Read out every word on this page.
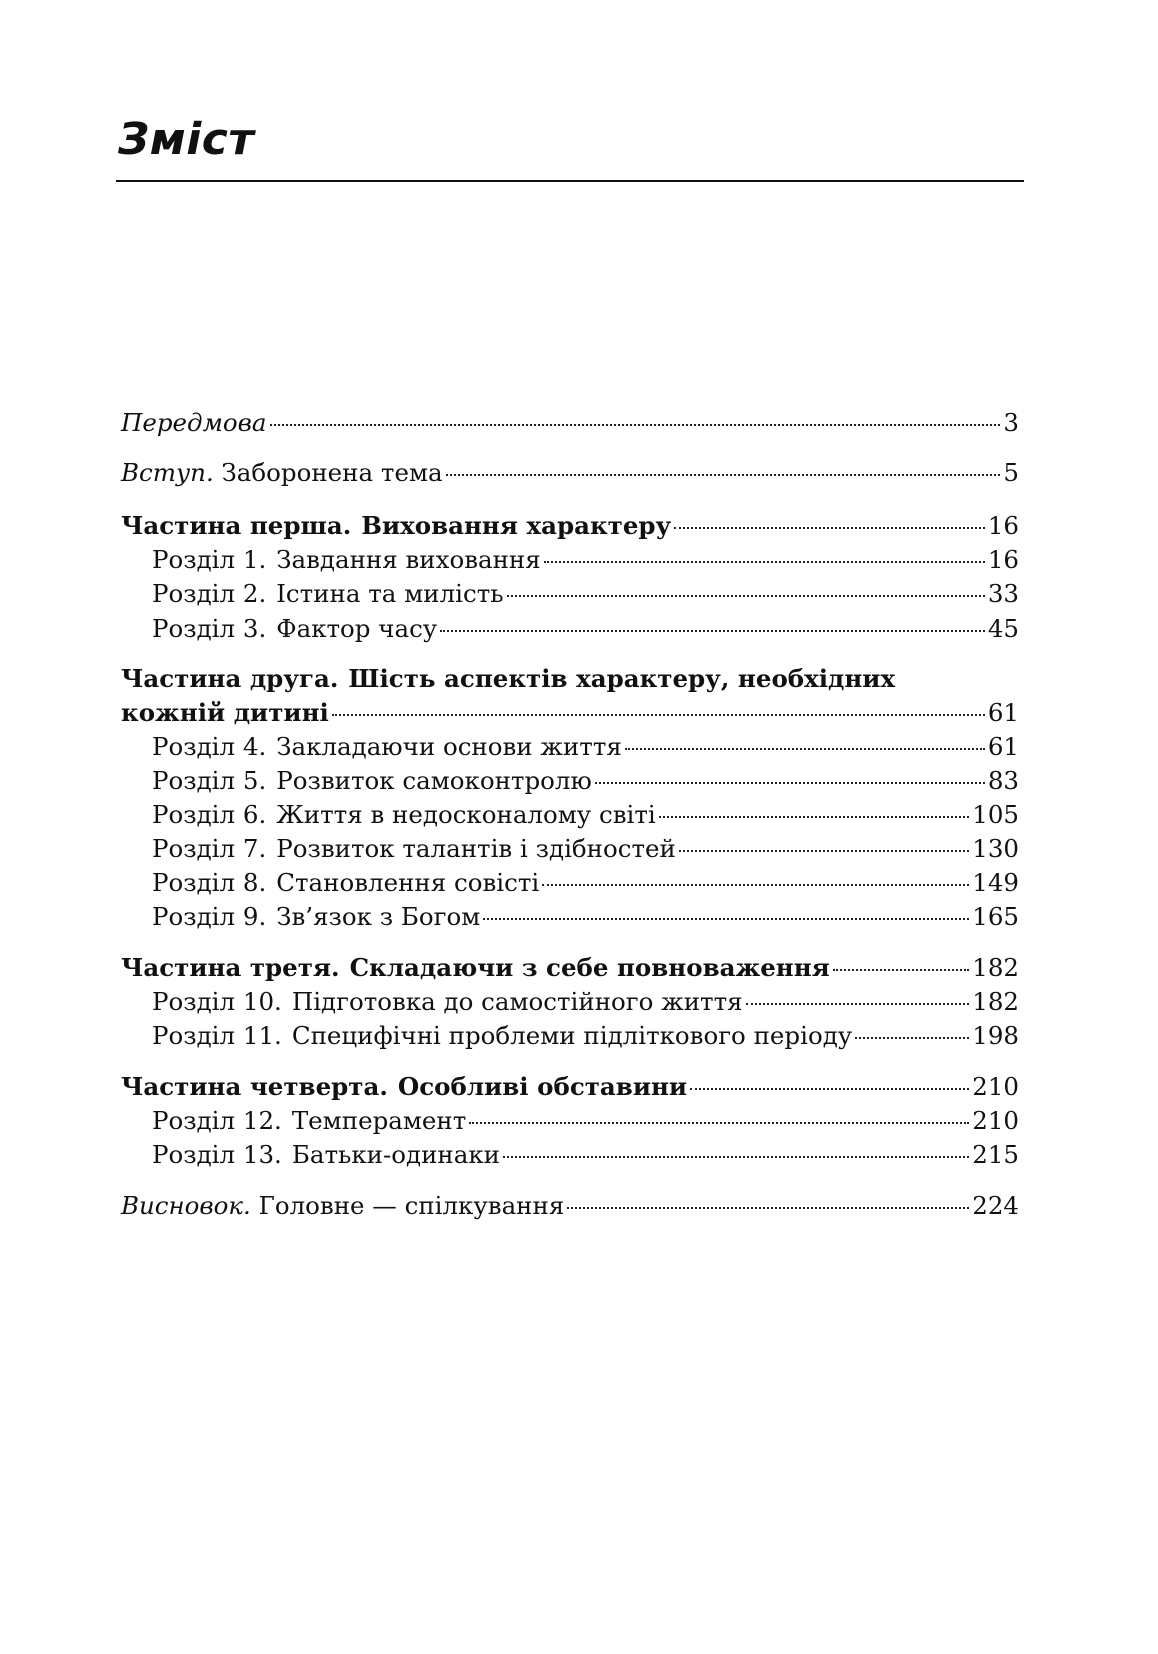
Зміст
Передмова	3
Вступ. Заборонена тема	5
Частина перша. Виховання характеру	16
Розділ 1. Завдання виховання	16
Розділ 2. Істина та милість	33
Розділ 3. Фактор часу	45
Частина друга. Шість аспектів характеру, необхідних
кожній дитині	61
Розділ 4. Закладаючи основи життя	61
Розділ 5. Розвиток самоконтролю	83
Розділ 6. Життя в недосконалому світі	105
Розділ 7. Розвиток талантів і здібностей	130
Розділ 8. Становлення совісті	149
Розділ 9. Зв’язок з Богом	165
Частина третя. Складаючи з себе повноваження	182
Розділ 10. Підготовка до самостійного життя	182
Розділ 11. Специфічні проблеми підліткового періоду	198
Частина четверта. Особливі обставини	210
Розділ 12. Темперамент	210
Розділ 13. Батьки-одинаки	215
Висновок. Головне — спілкування	224
